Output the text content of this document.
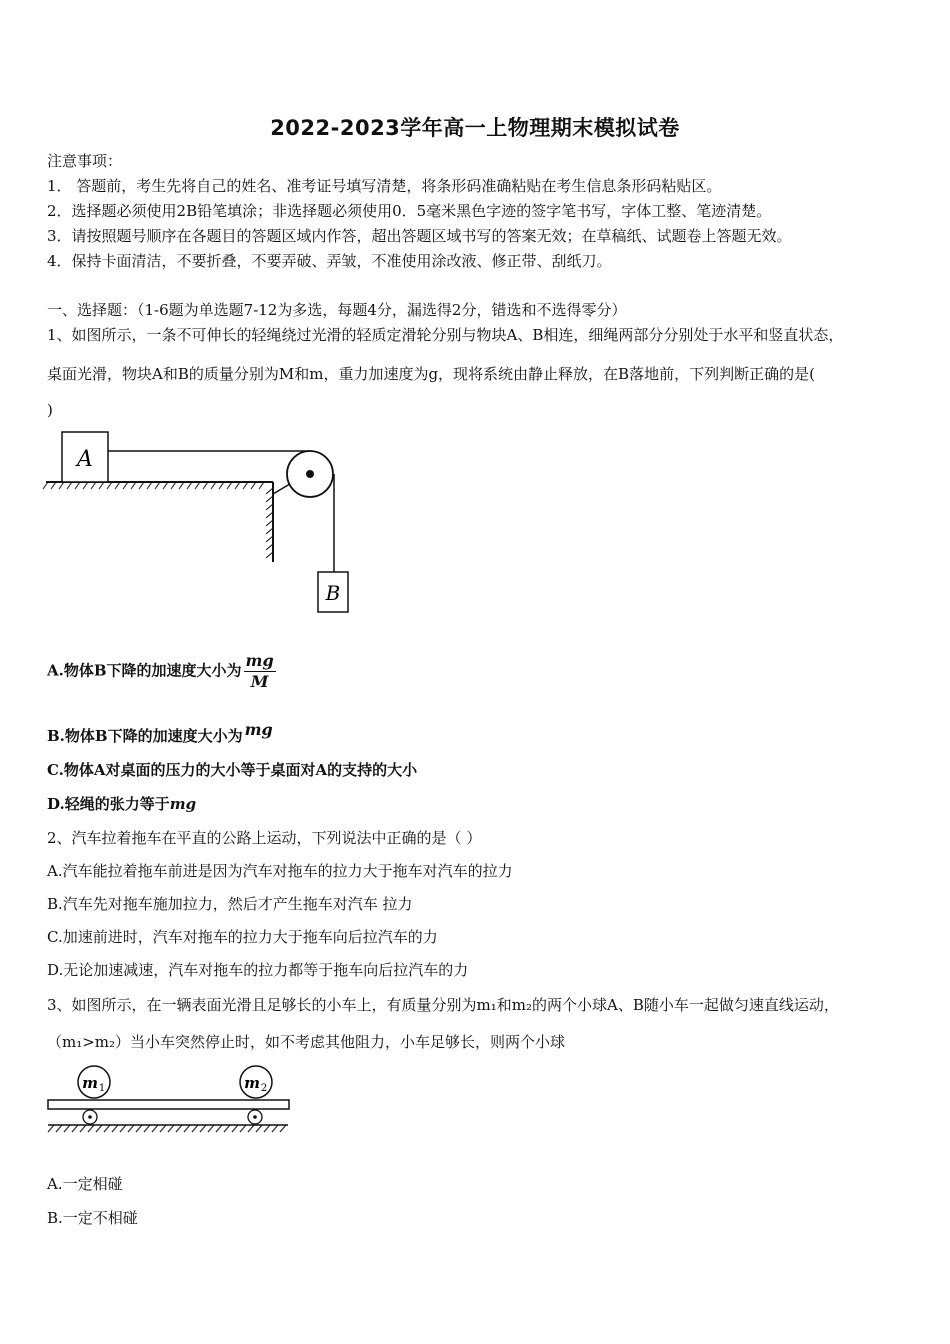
2022-2023学年高一上物理期末模拟试卷
注意事项：
1． 答题前，考生先将自己的姓名、准考证号填写清楚，将条形码准确粘贴在考生信息条形码粘贴区。
2．选择题必须使用2B铅笔填涂；非选择题必须使用0．5毫米黑色字迹的签字笔书写，字体工整、笔迹清楚。
3．请按照题号顺序在各题目的答题区域内作答，超出答题区域书写的答案无效；在草稿纸、试题卷上答题无效。
4．保持卡面清洁，不要折叠，不要弄破、弄皱，不准使用涂改液、修正带、刮纸刀。
一、选择题：（1-6题为单选题7-12为多选，每题4分，漏选得2分，错选和不选得零分）
1、如图所示，一条不可伸长的轻绳绕过光滑的轻质定滑轮分别与物块A、B相连，细绳两部分分别处于水平和竖直状态，
桌面光滑，物块A和B的质量分别为M和m，重力加速度为g，现将系统由静止释放，在B落地前，下列判断正确的是(
)
A
B
A.物体B下降的加速度大小为 $\frac{mg}{M}$
B.物体B下降的加速度大小为 mg
C.物体A对桌面的压力的大小等于桌面对A的支持的大小
D.轻绳的张力等于mg
2、汽车拉着拖车在平直的公路上运动，下列说法中正确的是（ ）
A.汽车能拉着拖车前进是因为汽车对拖车的拉力大于拖车对汽车的拉力
B.汽车先对拖车施加拉力，然后才产生拖车对汽车 拉力
C.加速前进时，汽车对拖车的拉力大于拖车向后拉汽车的力
D.无论加速减速，汽车对拖车的拉力都等于拖车向后拉汽车的力
3、如图所示，在一辆表面光滑且足够长的小车上，有质量分别为m₁和m₂的两个小球A、B随小车一起做匀速直线运动，
（m₁>m₂）当小车突然停止时，如不考虑其他阻力，小车足够长，则两个小球
m 1	m 2
A.一定相碰
B.一定不相碰
